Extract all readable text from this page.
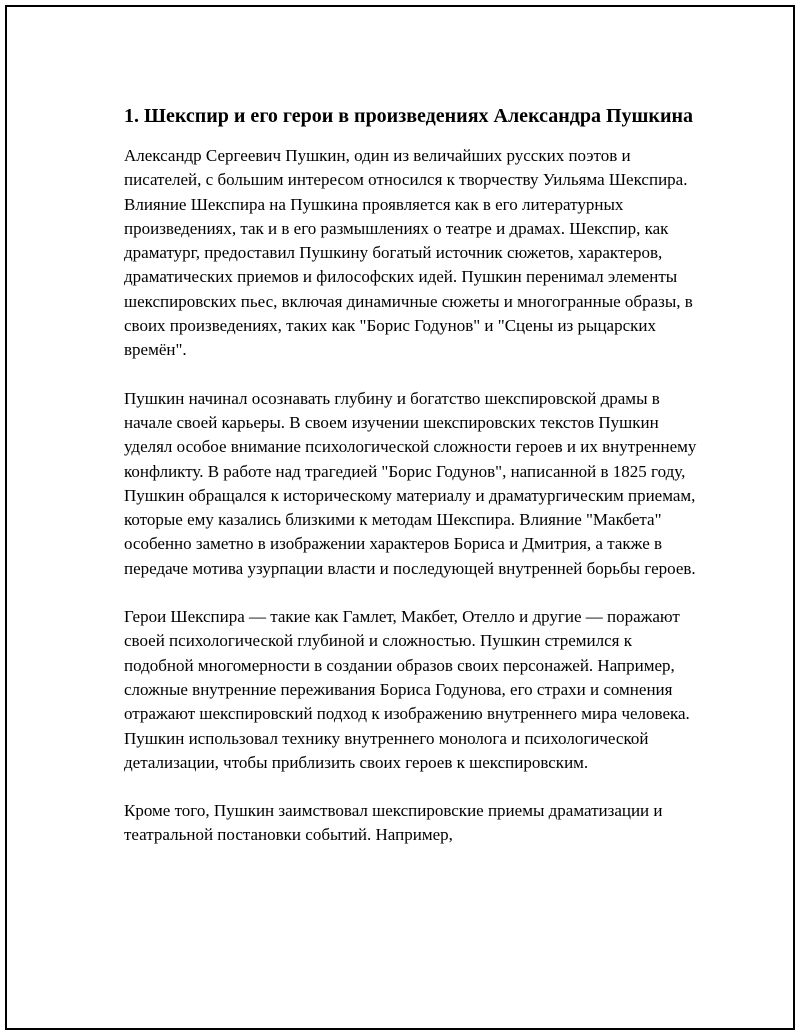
1. Шекспир и его герои в произведениях Александра Пушкина

Александр Сергеевич Пушкин, один из величайших русских поэтов и писателей, с большим интересом относился к творчеству Уильяма Шекспира. Влияние Шекспира на Пушкина проявляется как в его литературных произведениях, так и в его размышлениях о театре и драмах. Шекспир, как драматург, предоставил Пушкину богатый источник сюжетов, характеров, драматических приемов и философских идей. Пушкин перенимал элементы шекспировских пьес, включая динамичные сюжеты и многогранные образы, в своих произведениях, таких как "Борис Годунов" и "Сцены из рыцарских времён".

Пушкин начинал осознавать глубину и богатство шекспировской драмы в начале своей карьеры. В своем изучении шекспировских текстов Пушкин уделял особое внимание психологической сложности героев и их внутреннему конфликту. В работе над трагедией "Борис Годунов", написанной в 1825 году, Пушкин обращался к историческому материалу и драматургическим приемам, которые ему казались близкими к методам Шекспира. Влияние "Макбета" особенно заметно в изображении характеров Бориса и Дмитрия, а также в передаче мотива узурпации власти и последующей внутренней борьбы героев.

Герои Шекспира — такие как Гамлет, Макбет, Отелло и другие — поражают своей психологической глубиной и сложностью. Пушкин стремился к подобной многомерности в создании образов своих персонажей. Например, сложные внутренние переживания Бориса Годунова, его страхи и сомнения отражают шекспировский подход к изображению внутреннего мира человека. Пушкин использовал технику внутреннего монолога и психологической детализации, чтобы приблизить своих героев к шекспировским.

Кроме того, Пушкин заимствовал шекспировские приемы драматизации и театральной постановки событий. Например,
